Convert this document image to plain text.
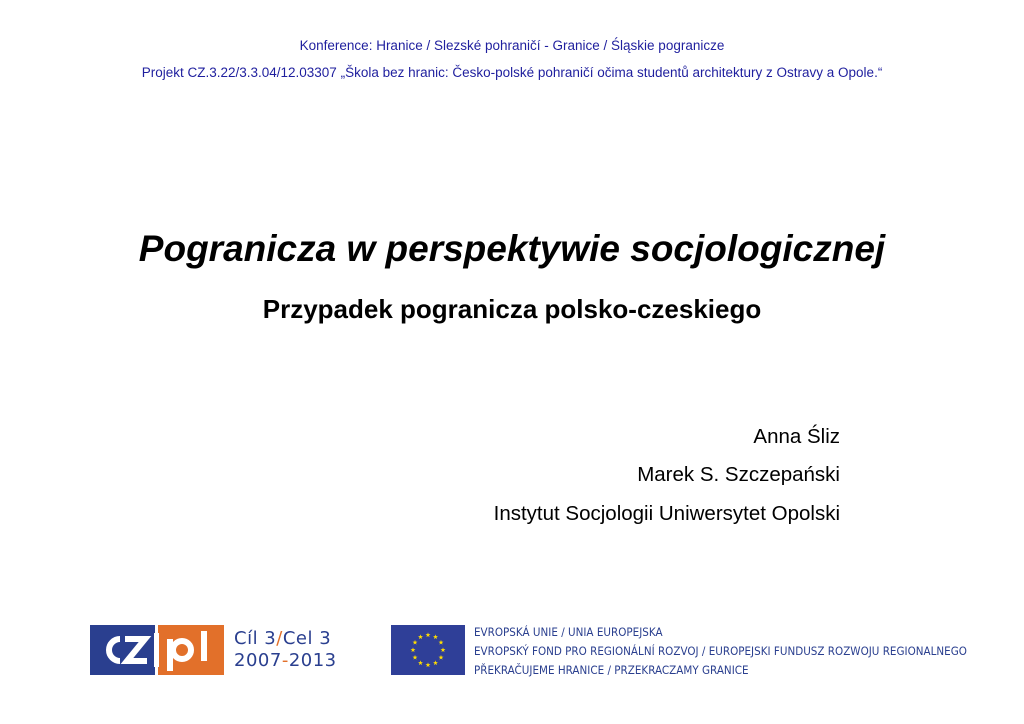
Konference: Hranice / Slezské pohraničí - Granice / Śląskie pogranicze
Projekt CZ.3.22/3.3.04/12.03307 „Škola bez hranic: Česko-polské pohraničí očima studentů architektury z Ostravy a Opole.“
Pogranicza w perspektywie socjologicznej
Przypadek pogranicza polsko-czeskiego
Anna Śliz
Marek S. Szczepański
Instytut Socjologii Uniwersytet Opolski
Cíl 3/Cel 3
2007-2013
EVROPSKÁ UNIE / UNIA EUROPEJSKA
EVROPSKÝ FOND PRO REGIONÁLNÍ ROZVOJ / EUROPEJSKI FUNDUSZ ROZWOJU REGIONALNEGO
PŘEKRAČUJEME HRANICE / PRZEKRACZAMY GRANICE
